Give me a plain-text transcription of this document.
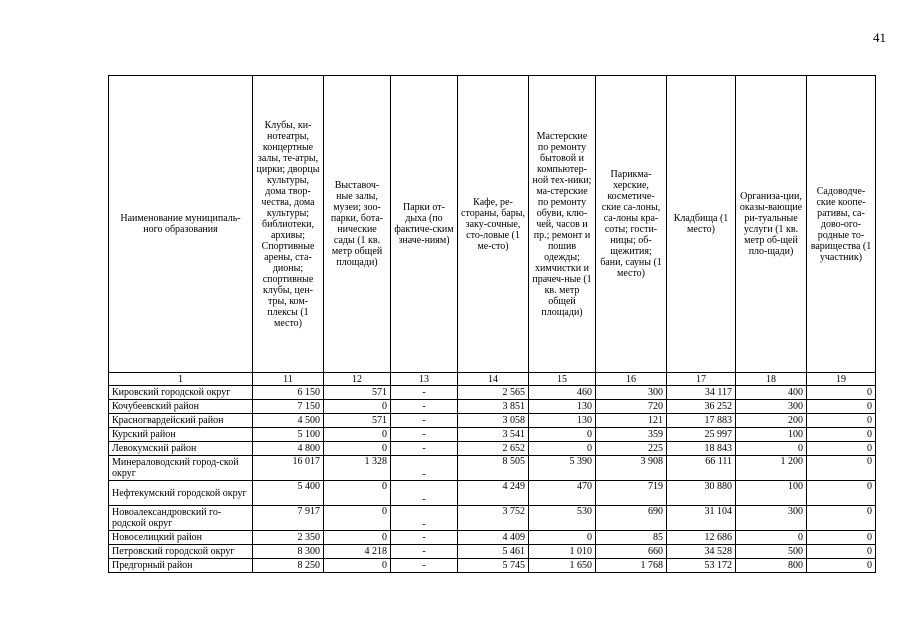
41
Наименование муниципаль-ного образования	Клубы, ки-нотеатры, концертные залы, те-атры, цирки; дворцы культуры, дома твор-чества, дома культуры; библиотеки, архивы; Спортивные арены, ста-дионы; спортивные клубы, цен-тры, ком-плексы (1 место)	Выставоч-ные залы, музеи; зоо-парки, бота-нические сады (1 кв. метр общей площади)	Парки от-дыха (по фактиче-ским значе-ниям)	Кафе, ре-стораны, бары, заку-сочные, сто-ловые (1 ме-сто)	Мастерские по ремонту бытовой и компьютер-ной тех-ники; ма-стерские по ремонту обуви, клю-чей, часов и пр.; ремонт и пошив одежды; химчистки и прачеч-ные (1 кв. метр общей площади)	Парикма-херские, косметиче-ские са-лоны, са-лоны кра-соты; гости-ницы; об-щежития; бани, сауны (1 место)	Кладбища (1 место)	Организа-ции, оказы-вающие ри-туальные услуги (1 кв. метр об-щей пло-щади)	Садоводче-ские коопе-ративы, са-дово-ого-родные то-варищества (1 участник)
1	11	12	13	14	15	16	17	18	19
Кировский городской округ	6 150	571	-	2 565	460	300	34 117	400	0
Кочубеевский район	7 150	0	-	3 851	130	720	36 252	300	0
Красногвардейский район	4 500	571	-	3 058	130	121	17 883	200	0
Курский район	5 100	0	-	3 541	0	359	25 997	100	0
Левокумский район	4 800	0	-	2 652	0	225	18 843	0	0
Минераловодский город-ской округ	16 017	1 328	-	8 505	5 390	3 908	66 111	1 200	0
Нефтекумский городской округ	5 400	0	-	4 249	470	719	30 880	100	0
Новоалександровский го-родской округ	7 917	0	-	3 752	530	690	31 104	300	0
Новоселицкий район	2 350	0	-	4 409	0	85	12 686	0	0
Петровский городской округ	8 300	4 218	-	5 461	1 010	660	34 528	500	0
Предгорный район	8 250	0	-	5 745	1 650	1 768	53 172	800	0
